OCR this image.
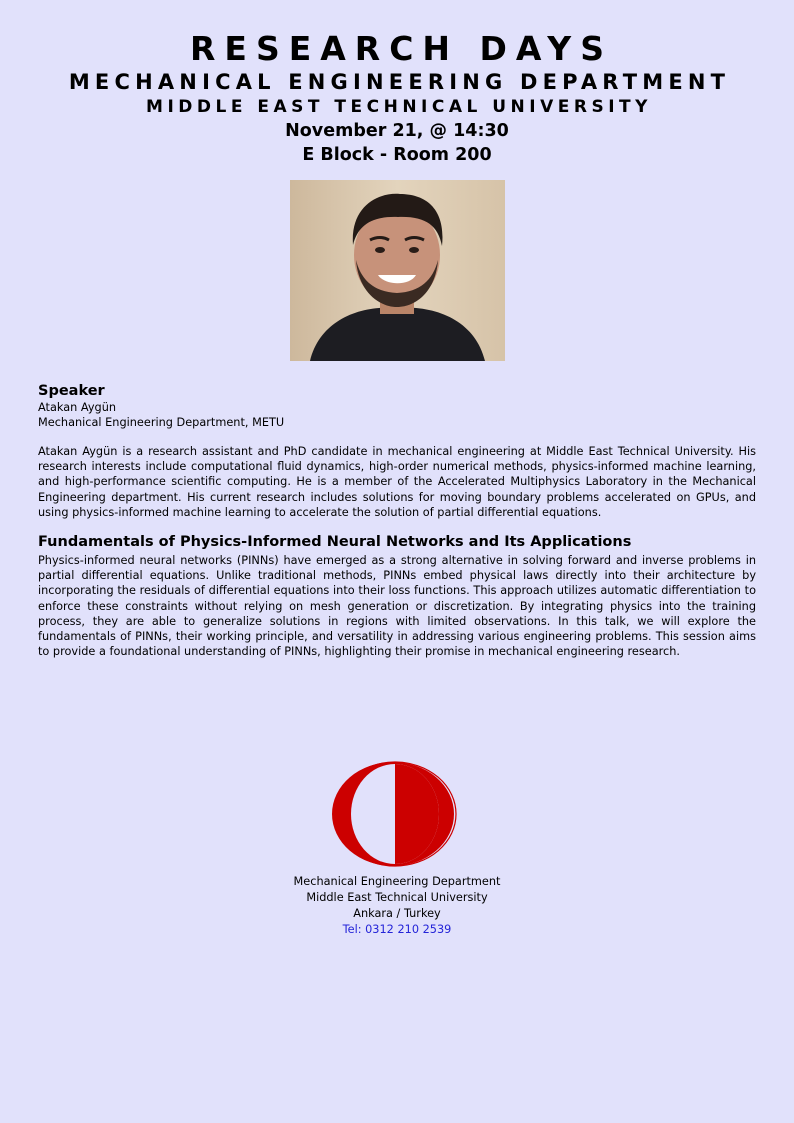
RESEARCH DAYS
MECHANICAL ENGINEERING DEPARTMENT
MIDDLE EAST TECHNICAL UNIVERSITY
November 21, @ 14:30
E Block - Room 200
Speaker
Atakan Aygün
Mechanical Engineering Department, METU

Atakan Aygün is a research assistant and PhD candidate in mechanical engineering at Middle East Technical University. His research interests include computational fluid dynamics, high-order numerical methods, physics-informed machine learning, and high-performance scientific computing. He is a member of the Accelerated Multiphysics Laboratory in the Mechanical Engineering department. His current research includes solutions for moving boundary problems accelerated on GPUs, and using physics-informed machine learning to accelerate the solution of partial differential equations.

Fundamentals of Physics-Informed Neural Networks and Its Applications

Physics-informed neural networks (PINNs) have emerged as a strong alternative in solving forward and inverse problems in partial differential equations. Unlike traditional methods, PINNs embed physical laws directly into their architecture by incorporating the residuals of differential equations into their loss functions. This approach utilizes automatic differentiation to enforce these constraints without relying on mesh generation or discretization. By integrating physics into the training process, they are able to generalize solutions in regions with limited observations. In this talk, we will explore the fundamentals of PINNs, their working principle, and versatility in addressing various engineering problems. This session aims to provide a foundational understanding of PINNs, highlighting their promise in mechanical engineering research.

Mechanical Engineering Department
Middle East Technical University
Ankara / Turkey
Tel: 0312 210 2539
